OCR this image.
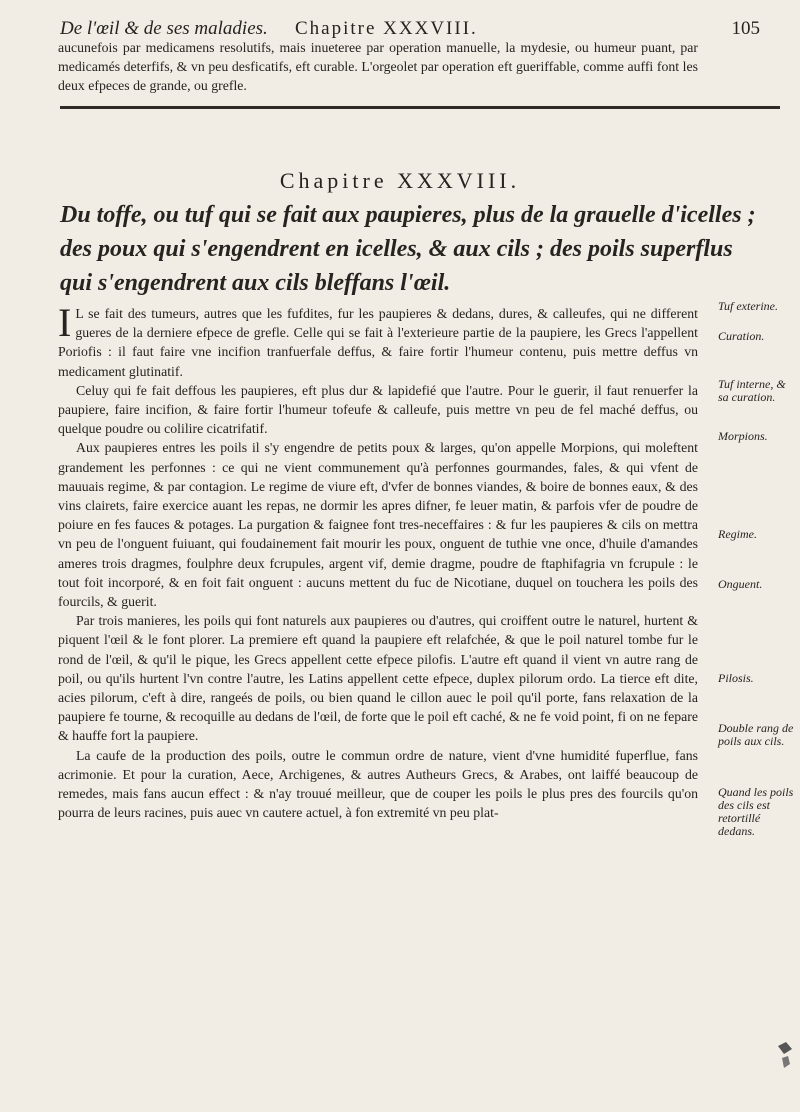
De l'œil & de ses maladies. Chapitre XXXVIII.	105

aucunefois par medicamens resolutifs, mais inueteree par operation manuelle, la mydesie, ou humeur puant, par medicamés deterfifs, & vn peu desficatifs, eft curable. L'orgeolet par operation eft gueriffable, comme auffi font les deux efpeces de grande, ou grefle.

Chapitre XXXVIII.
Du toffe, ou tuf qui se fait aux paupieres, plus de la grauelle d'icelles ; des poux qui s'engendrent en icelles, & aux cils ; des poils superflus qui s'engendrent aux cils bleffans l'œil.

I L se fait des tumeurs, autres que les fufdites, fur les paupieres & dedans, dures, & calleufes, qui ne different gueres de la derniere efpece de grefle. Celle qui se fait à l'exterieure partie de la paupiere, les Grecs l'appellent Poriofis : il faut faire vne incifion tranfuerfale deffus, & faire fortir l'humeur contenu, puis mettre deffus vn medicament glutinatif.

Celuy qui fe fait deffous les paupieres, eft plus dur & lapidefié que l'autre. Pour le guerir, il faut renuerfer la paupiere, faire incifion, & faire fortir l'humeur tofeufe & calleufe, puis mettre vn peu de fel maché deffus, ou quelque poudre ou colilire cicatrifatif.

Aux paupieres entres les poils il s'y engendre de petits poux & larges, qu'on appelle Morpions, qui moleftent grandement les perfonnes : ce qui ne vient communement qu'à perfonnes gourmandes, fales, & qui vfent de mauuais regime, & par contagion. Le regime de viure eft, d'vfer de bonnes viandes, & boire de bonnes eaux, & des vins clairets, faire exercice auant les repas, ne dormir les apres difner, fe leuer matin, & parfois vfer de poudre de poiure en fes fauces & potages. La purgation & faignee font tres-neceffaires : & fur les paupieres & cils on mettra vn peu de l'onguent fuiuant, qui foudainement fait mourir les poux, onguent de tuthie vne once, d'huile d'amandes ameres trois dragmes, foulphre deux fcrupules, argent vif, demie dragme, poudre de ftaphifagria vn fcrupule : le tout foit incorporé, & en foit fait onguent : aucuns mettent du fuc de Nicotiane, duquel on touchera les poils des fourcils, & guerit.

Par trois manieres, les poils qui font naturels aux paupieres ou d'autres, qui croiffent outre le naturel, hurtent & piquent l'œil & le font plorer. La premiere eft quand la paupiere eft relafchée, & que le poil naturel tombe fur le rond de l'œil, & qu'il le pique, les Grecs appellent cette efpece pilofis. L'autre eft quand il vient vn autre rang de poil, ou qu'ils hurtent l'vn contre l'autre, les Latins appellent cette efpece, duplex pilorum ordo. La tierce eft dite, acies pilorum, c'eft à dire, rangeés de poils, ou bien quand le cillon auec le poil qu'il porte, fans relaxation de la paupiere fe tourne, & recoquille au dedans de l'œil, de forte que le poil eft caché, & ne fe void point, fi on ne fepare & hauffe fort la paupiere.

La caufe de la production des poils, outre le commun ordre de nature, vient d'vne humidité fuperflue, fans acrimonie. Et pour la curation, Aece, Archigenes, & autres Autheurs Grecs, & Arabes, ont laiffé beaucoup de remedes, mais fans aucun effect : & n'ay trouué meilleur, que de couper les poils le plus pres des fourcils qu'on pourra de leurs racines, puis auec vn cautere actuel, à fon extremité vn peu plat-

Tuf exterine.
Curation.
Tuf interne, & sa curation.
Morpions.
Regime.
Onguent.
Pilosis.
Double rang de poils aux cils.
Quand les poils des cils est retortillé dedans.
